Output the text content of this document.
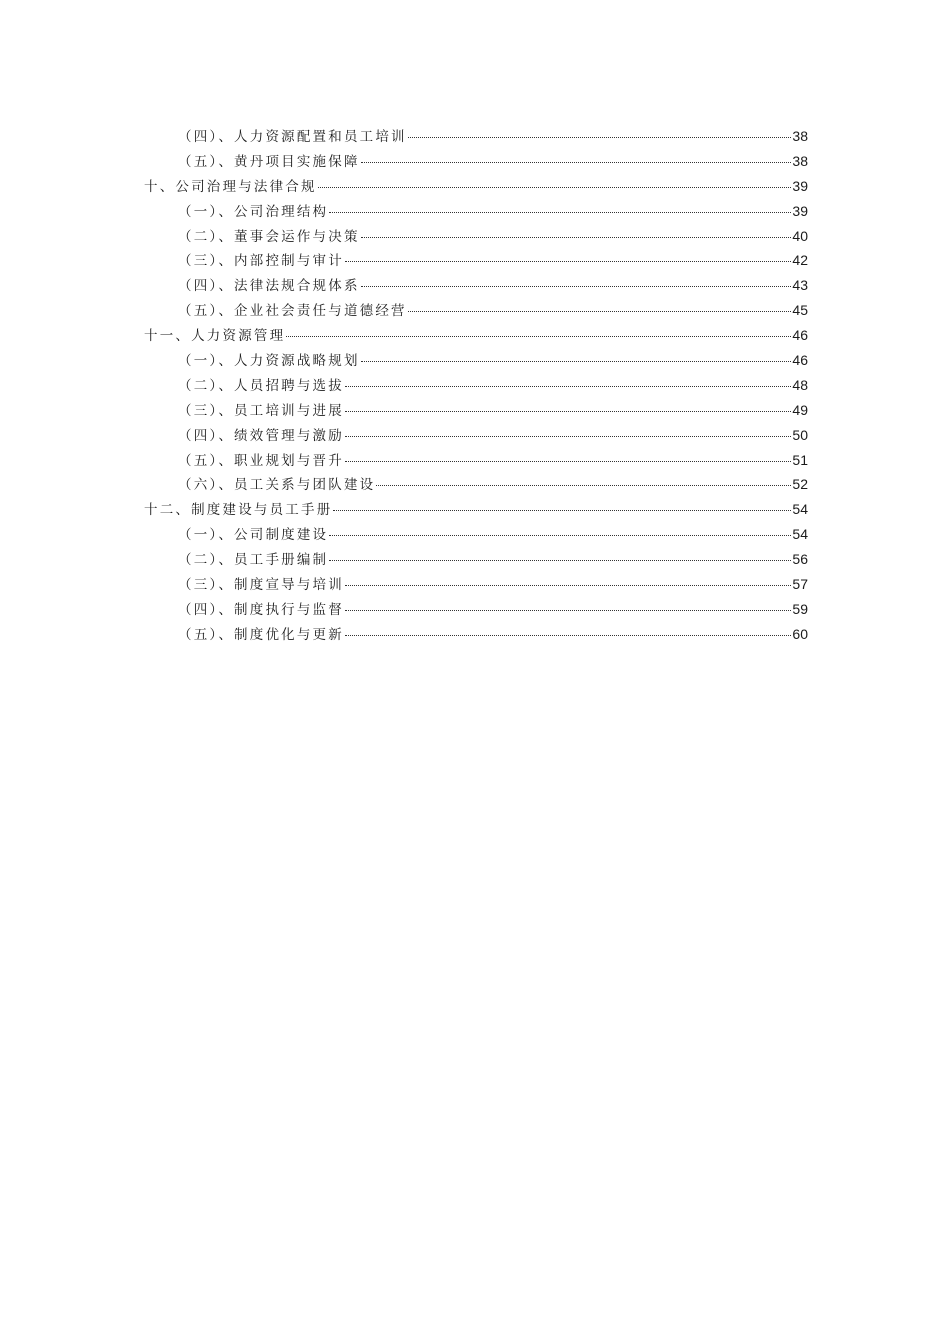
（四）、人力资源配置和员工培训	38
（五）、黄丹项目实施保障	38
十、公司治理与法律合规	39
（一）、公司治理结构	39
（二）、董事会运作与决策	40
（三）、内部控制与审计	42
（四）、法律法规合规体系	43
（五）、企业社会责任与道德经营	45
十一、人力资源管理	46
（一）、人力资源战略规划	46
（二）、人员招聘与选拔	48
（三）、员工培训与进展	49
（四）、绩效管理与激励	50
（五）、职业规划与晋升	51
（六）、员工关系与团队建设	52
十二、制度建设与员工手册	54
（一）、公司制度建设	54
（二）、员工手册编制	56
（三）、制度宣导与培训	57
（四）、制度执行与监督	59
（五）、制度优化与更新	60
